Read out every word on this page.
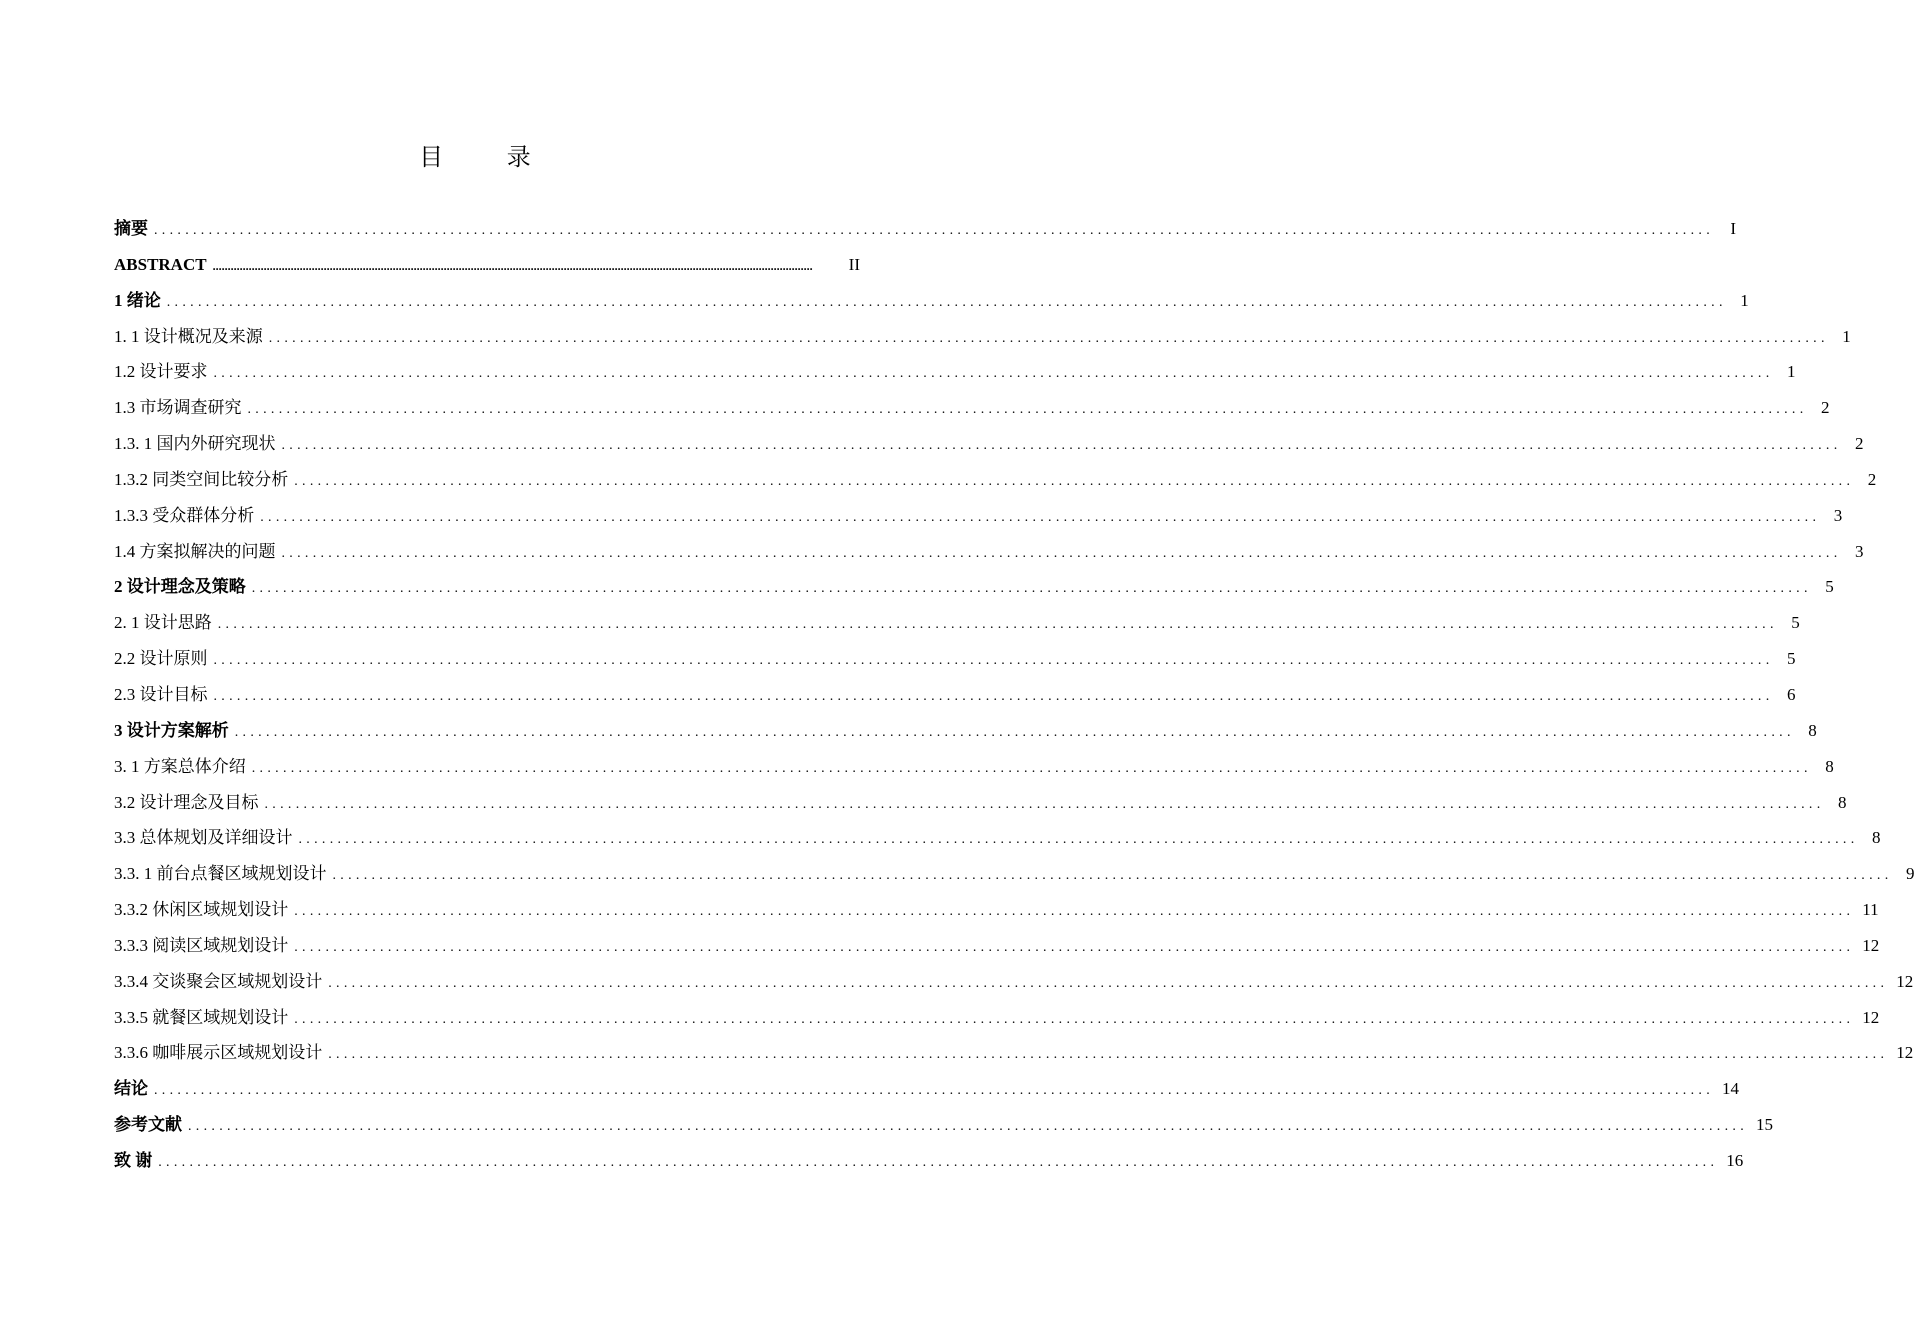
目 录
摘要 ........................................................................................................................................................................................................ I
ABSTRACT ........................................................................................................................................................................................................	II
1 绪论 ........................................................................................................................................................................................................ 1
1. 1 设计概况及来源 ........................................................................................................................................................................................................ 1
1.2 设计要求 ........................................................................................................................................................................................................ 1
1.3 市场调查研究 ........................................................................................................................................................................................................ 2
1.3. 1 国内外研究现状 ........................................................................................................................................................................................................ 2
1.3.2 同类空间比较分析 ........................................................................................................................................................................................................ 2
1.3.3 受众群体分析 ........................................................................................................................................................................................................ 3
1.4 方案拟解决的问题 ........................................................................................................................................................................................................ 3
2 设计理念及策略 ........................................................................................................................................................................................................ 5
2. 1 设计思路 ........................................................................................................................................................................................................ 5
2.2 设计原则 ........................................................................................................................................................................................................ 5
2.3 设计目标 ........................................................................................................................................................................................................ 6
3 设计方案解析 ........................................................................................................................................................................................................ 8
3. 1 方案总体介绍 ........................................................................................................................................................................................................ 8
3.2 设计理念及目标 ........................................................................................................................................................................................................ 8
3.3 总体规划及详细设计 ........................................................................................................................................................................................................ 8
3.3. 1 前台点餐区域规划设计 ........................................................................................................................................................................................................ 9
3.3.2 休闲区域规划设计 ........................................................................................................................................................................................................ 11
3.3.3 阅读区域规划设计 ........................................................................................................................................................................................................ 12
3.3.4 交谈聚会区域规划设计 ........................................................................................................................................................................................................ 12
3.3.5 就餐区域规划设计 ........................................................................................................................................................................................................ 12
3.3.6 咖啡展示区域规划设计 ........................................................................................................................................................................................................ 12
结论 ........................................................................................................................................................................................................ 14
参考文献 ........................................................................................................................................................................................................ 15
致 谢 ........................................................................................................................................................................................................ 16
